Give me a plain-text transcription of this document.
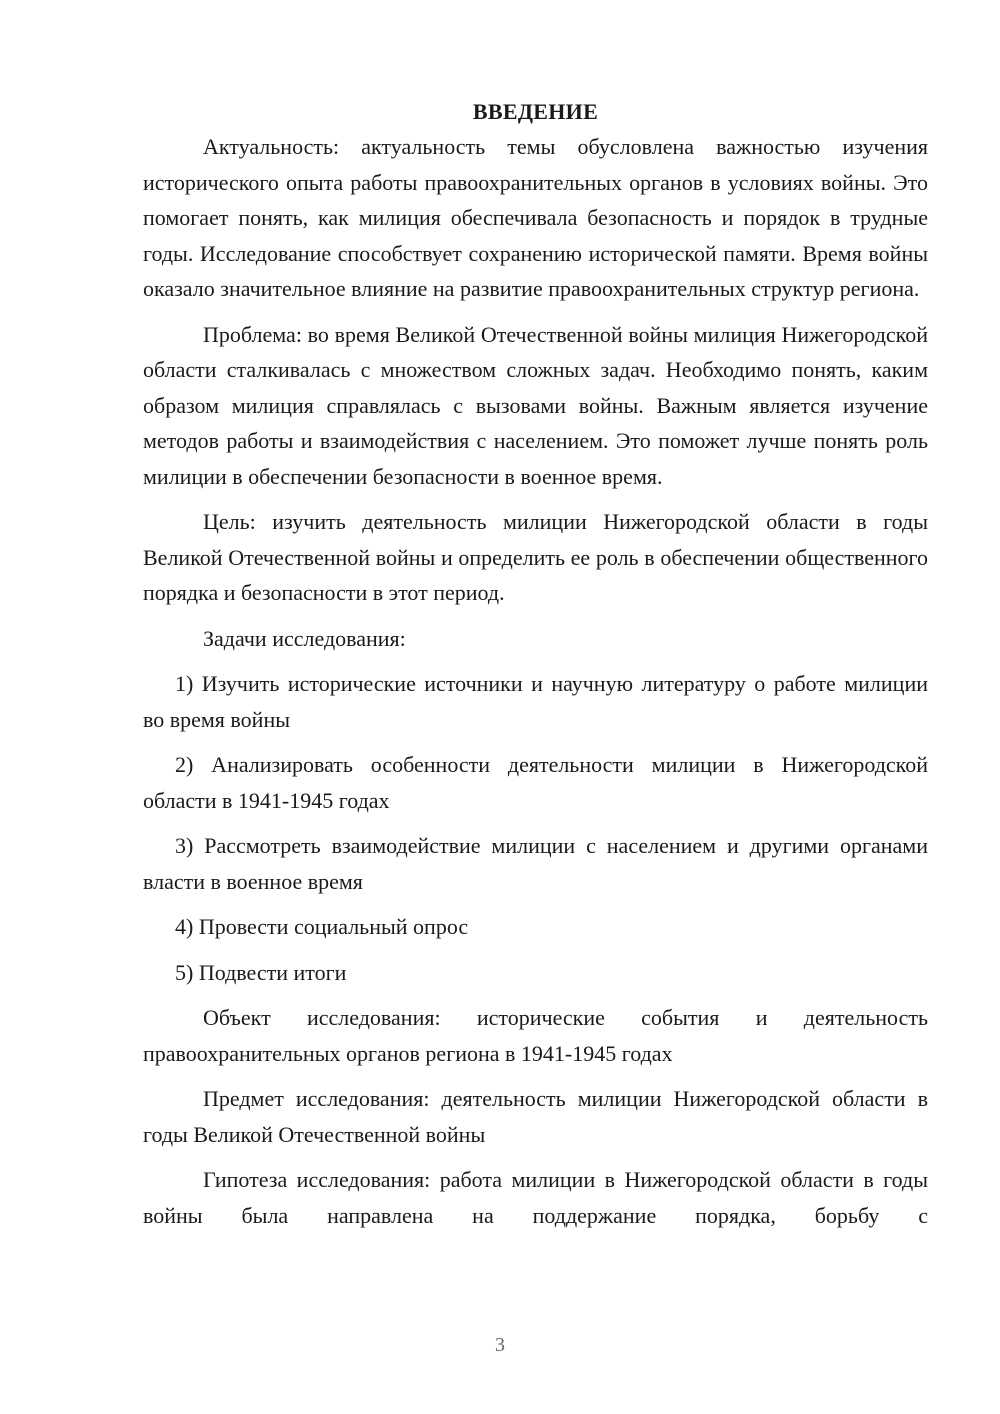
ВВЕДЕНИЕ

Актуальность: актуальность темы обусловлена важностью изучения исторического опыта работы правоохранительных органов в условиях войны. Это помогает понять, как милиция обеспечивала безопасность и порядок в трудные годы. Исследование способствует сохранению исторической памяти. Время войны оказало значительное влияние на развитие правоохранительных структур региона.

Проблема: во время Великой Отечественной войны милиция Нижегородской области сталкивалась с множеством сложных задач. Необходимо понять, каким образом милиция справлялась с вызовами войны. Важным является изучение методов работы и взаимодействия с населением. Это поможет лучше понять роль милиции в обеспечении безопасности в военное время.

Цель: изучить деятельность милиции Нижегородской области в годы Великой Отечественной войны и определить ее роль в обеспечении общественного порядка и безопасности в этот период.

Задачи исследования:

1) Изучить исторические источники и научную литературу о работе милиции во время войны

2) Анализировать особенности деятельности милиции в Нижегородской области в 1941-1945 годах

3) Рассмотреть взаимодействие милиции с населением и другими органами власти в военное время

4) Провести социальный опрос

5) Подвести итоги

Объект исследования: исторические события и деятельность правоохранительных органов региона в 1941-1945 годах

Предмет исследования: деятельность милиции Нижегородской области в годы Великой Отечественной войны

Гипотеза исследования: работа милиции в Нижегородской области в годы войны была направлена на поддержание порядка, борьбу с

3
